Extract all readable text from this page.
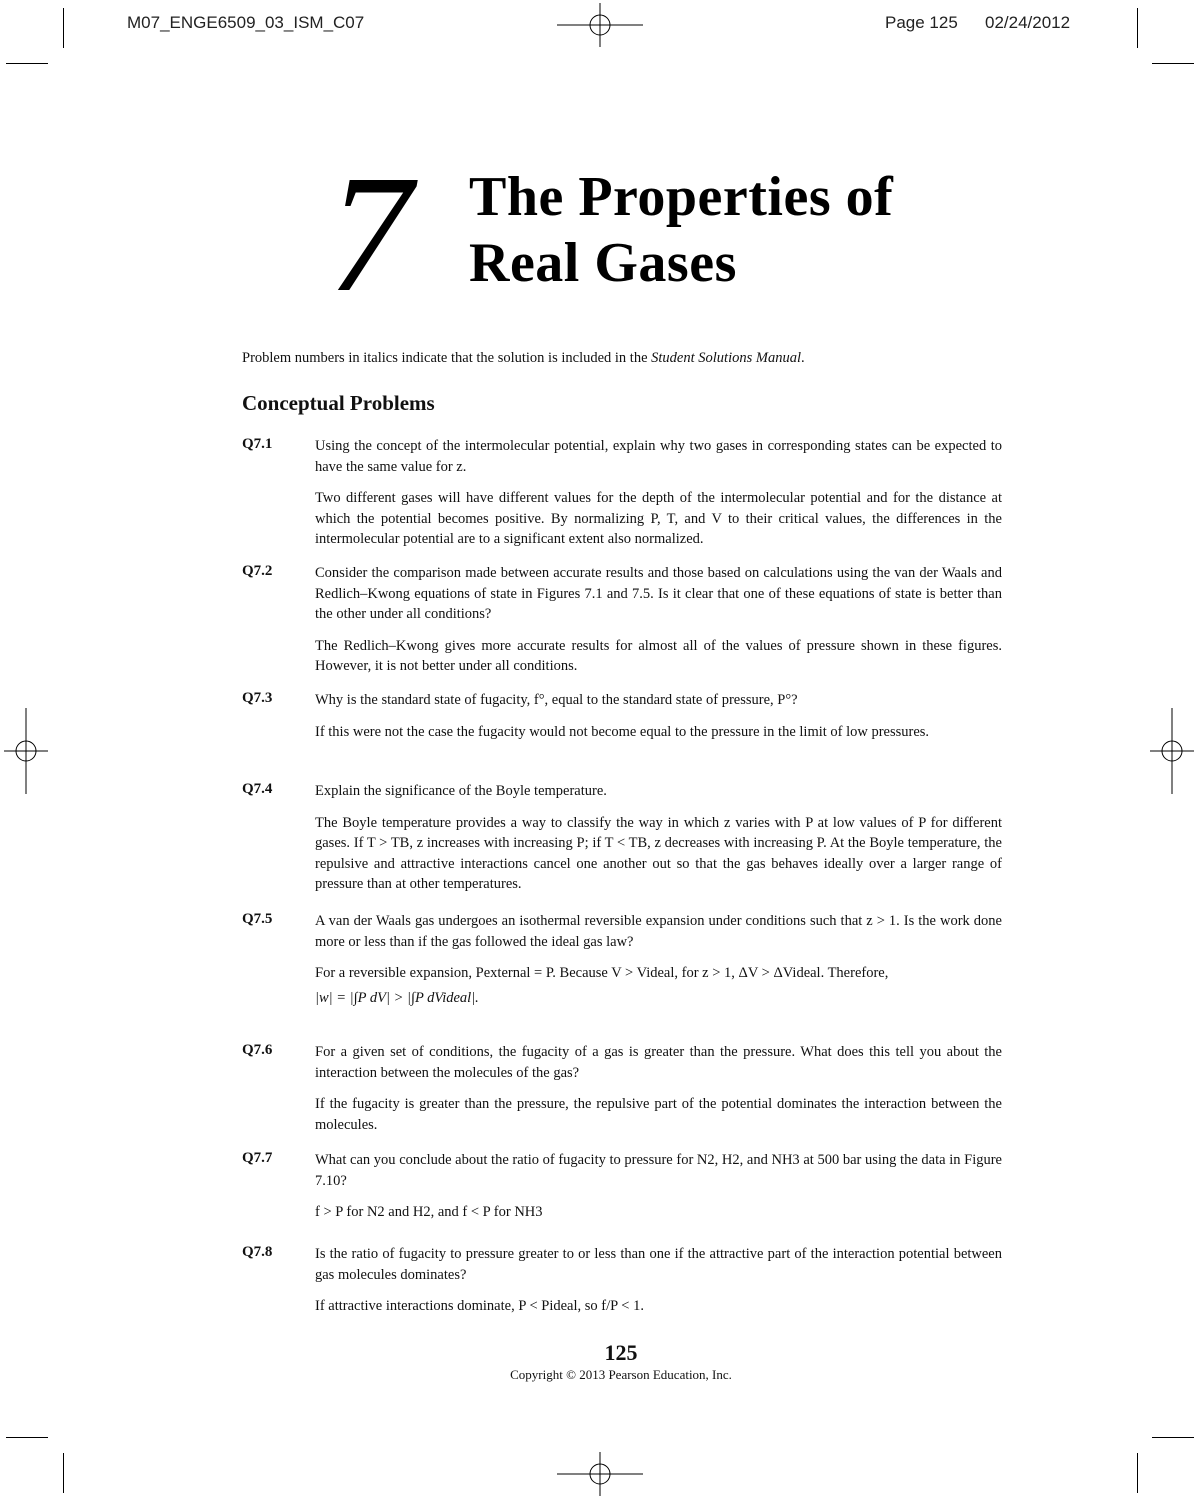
M07_ENGE6509_03_ISM_C07	Page 125 02/24/2012
7 The Properties of
Real Gases
Problem numbers in italics indicate that the solution is included in the Student Solutions Manual.
Conceptual Problems
Q7.1	Using the concept of the intermolecular potential, explain why two gases in corresponding states can be expected to have the same value for z.
Two different gases will have different values for the depth of the intermolecular potential and for the distance at which the potential becomes positive. By normalizing P, T, and V to their critical values, the differences in the intermolecular potential are to a significant extent also normalized.
Q7.2	Consider the comparison made between accurate results and those based on calculations using the van der Waals and Redlich–Kwong equations of state in Figures 7.1 and 7.5. Is it clear that one of these equations of state is better than the other under all conditions?
The Redlich–Kwong gives more accurate results for almost all of the values of pressure shown in these figures. However, it is not better under all conditions.
Q7.3	Why is the standard state of fugacity, f°, equal to the standard state of pressure, P°?
If this were not the case the fugacity would not become equal to the pressure in the limit of low pressures.
Q7.4	Explain the significance of the Boyle temperature.
The Boyle temperature provides a way to classify the way in which z varies with P at low values of P for different gases. If T > TB, z increases with increasing P; if T < TB, z decreases with increasing P. At the Boyle temperature, the repulsive and attractive interactions cancel one another out so that the gas behaves ideally over a larger range of pressure than at other temperatures.
Q7.5	A van der Waals gas undergoes an isothermal reversible expansion under conditions such that z > 1. Is the work done more or less than if the gas followed the ideal gas law?
For a reversible expansion, Pexternal = P. Because V > Videal, for z > 1, ΔV > ΔVideal. Therefore,
|w| = |∫P dV| > |∫P dVideal|.
Q7.6	For a given set of conditions, the fugacity of a gas is greater than the pressure. What does this tell you about the interaction between the molecules of the gas?
If the fugacity is greater than the pressure, the repulsive part of the potential dominates the interaction between the molecules.
Q7.7	What can you conclude about the ratio of fugacity to pressure for N2, H2, and NH3 at 500 bar using the data in Figure 7.10?
f > P for N2 and H2, and f < P for NH3
Q7.8	Is the ratio of fugacity to pressure greater to or less than one if the attractive part of the interaction potential between gas molecules dominates?
If attractive interactions dominate, P < Pideal, so f/P < 1.
125
Copyright © 2013 Pearson Education, Inc.
